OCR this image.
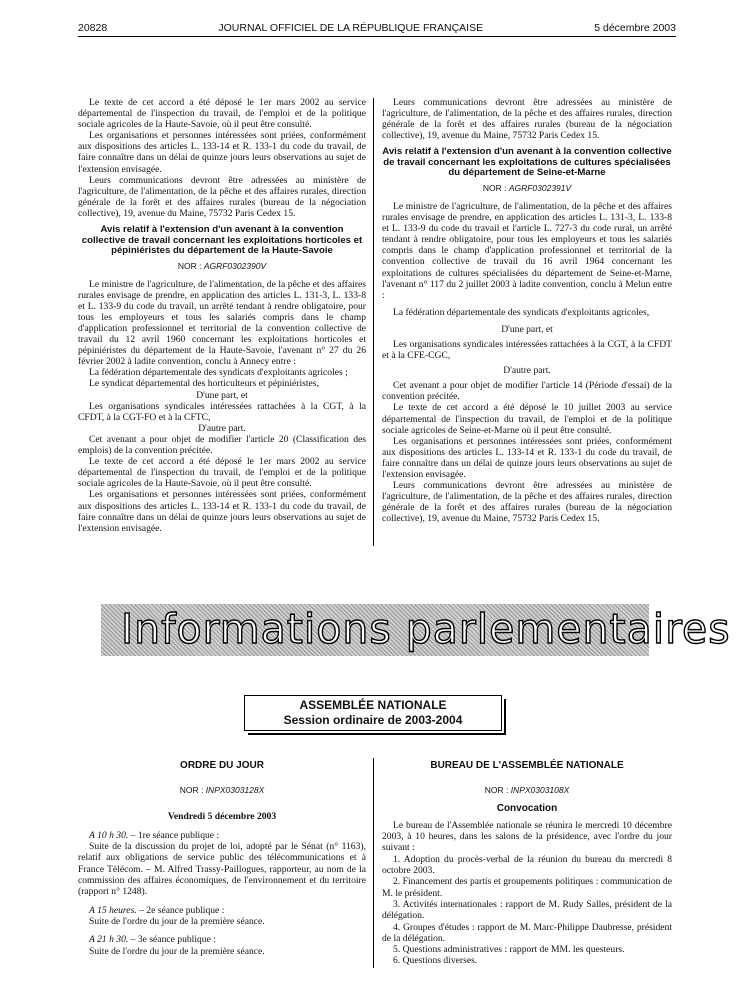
20828	JOURNAL OFFICIEL DE LA RÉPUBLIQUE FRANÇAISE	5 décembre 2003

Le texte de cet accord a été déposé le 1er mars 2002 au service départemental de l'inspection du travail, de l'emploi et de la politique sociale agricoles de la Haute-Savoie, où il peut être consulté.

Les organisations et personnes intéressées sont priées, conformément aux dispositions des articles L. 133-14 et R. 133-1 du code du travail, de faire connaître dans un délai de quinze jours leurs observations au sujet de l'extension envisagée.

Leurs communications devront être adressées au ministère de l'agriculture, de l'alimentation, de la pêche et des affaires rurales, direction générale de la forêt et des affaires rurales (bureau de la négociation collective), 19, avenue du Maine, 75732 Paris Cedex 15.

Avis relatif à l'extension d'un avenant à la convention collective de travail concernant les exploitations horticoles et pépiniéristes du département de la Haute-Savoie
NOR : AGRF0302390V

Le ministre de l'agriculture, de l'alimentation, de la pêche et des affaires rurales envisage de prendre, en application des articles L. 131-3, L. 133-8 et L. 133-9 du code du travail, un arrêté tendant à rendre obligatoire, pour tous les employeurs et tous les salariés compris dans le champ d'application professionnel et territorial de la convention collective de travail du 12 avril 1960 concernant les exploitations horticoles et pépiniéristes du département de la Haute-Savoie, l'avenant n° 27 du 26 février 2002 à ladite convention, conclu à Annecy entre :

La fédération départementale des syndicats d'exploitants agricoles ;

Le syndicat départemental des horticulteurs et pépiniéristes,

D'une part, et

Les organisations syndicales intéressées rattachées à la CGT, à la CFDT, à la CGT-FO et à la CFTC,

D'autre part.

Cet avenant a pour objet de modifier l'article 20 (Classification des emplois) de la convention précitée.

Le texte de cet accord a été déposé le 1er mars 2002 au service départemental de l'inspection du travail, de l'emploi et de la politique sociale agricoles de la Haute-Savoie, où il peut être consulté.

Les organisations et personnes intéressées sont priées, conformément aux dispositions des articles L. 133-14 et R. 133-1 du code du travail, de faire connaître dans un délai de quinze jours leurs observations au sujet de l'extension envisagée.

Leurs communications devront être adressées au ministère de l'agriculture, de l'alimentation, de la pêche et des affaires rurales, direction générale de la forêt et des affaires rurales (bureau de la négociation collective), 19, avenue du Maine, 75732 Paris Cedex 15.

Avis relatif à l'extension d'un avenant à la convention collective de travail concernant les exploitations de cultures spécialisées du département de Seine-et-Marne
NOR : AGRF0302391V

Le ministre de l'agriculture, de l'alimentation, de la pêche et des affaires rurales envisage de prendre, en application des articles L. 131-3, L. 133-8 et L. 133-9 du code du travail et l'article L. 727-3 du code rural, un arrêté tendant à rendre obligatoire, pour tous les employeurs et tous les salariés compris dans le champ d'application professionnel et territorial de la convention collective de travail du 16 avril 1964 concernant les exploitations de cultures spécialisées du département de Seine-et-Marne, l'avenant n° 117 du 2 juillet 2003 à ladite convention, conclu à Melun entre :

La fédération départementale des syndicats d'exploitants agricoles,

D'une part, et

Les organisations syndicales intéressées rattachées à la CGT, à la CFDT et à la CFE-CGC,

D'autre part.

Cet avenant a pour objet de modifier l'article 14 (Période d'essai) de la convention précitée.

Le texte de cet accord a été déposé le 10 juillet 2003 au service départemental de l'inspection du travail, de l'emploi et de la politique sociale agricoles de Seine-et-Marne où il peut être consulté.

Les organisations et personnes intéressées sont priées, conformément aux dispositions des articles L. 133-14 et R. 133-1 du code du travail, de faire connaître dans un délai de quinze jours leurs observations au sujet de l'extension envisagée.

Leurs communications devront être adressées au ministère de l'agriculture, de l'alimentation, de la pêche et des affaires rurales, direction générale de la forêt et des affaires rurales (bureau de la négociation collective), 19, avenue du Maine, 75732 Paris Cedex 15.

Informations parlementaires
ASSEMBLÉE NATIONALE
Session ordinaire de 2003-2004
ORDRE DU JOUR
NOR : INPX0303128X

Vendredi 5 décembre 2003

A 10 h 30. – 1re séance publique :

Suite de la discussion du projet de loi, adopté par le Sénat (n° 1163), relatif aux obligations de service public des télécommunications et à France Télécom. – M. Alfred Trassy-Paillogues, rapporteur, au nom de la commission des affaires économiques, de l'environnement et du territoire (rapport n° 1248).

A 15 heures. – 2e séance publique :

Suite de l'ordre du jour de la première séance.

A 21 h 30. – 3e séance publique :

Suite de l'ordre du jour de la première séance.

BUREAU DE L'ASSEMBLÉE NATIONALE
NOR : INPX0303108X
Convocation

Le bureau de l'Assemblée nationale se réunira le mercredi 10 décembre 2003, à 10 heures, dans les salons de la présidence, avec l'ordre du jour suivant :

1. Adoption du procès-verbal de la réunion du bureau du mercredi 8 octobre 2003.

2. Financement des partis et groupements politiques : communication de M. le président.

3. Activités internationales : rapport de M. Rudy Salles, président de la délégation.

4. Groupes d'études : rapport de M. Marc-Philippe Daubresse, président de la délégation.

5. Questions administratives : rapport de MM. les questeurs.

6. Questions diverses.
